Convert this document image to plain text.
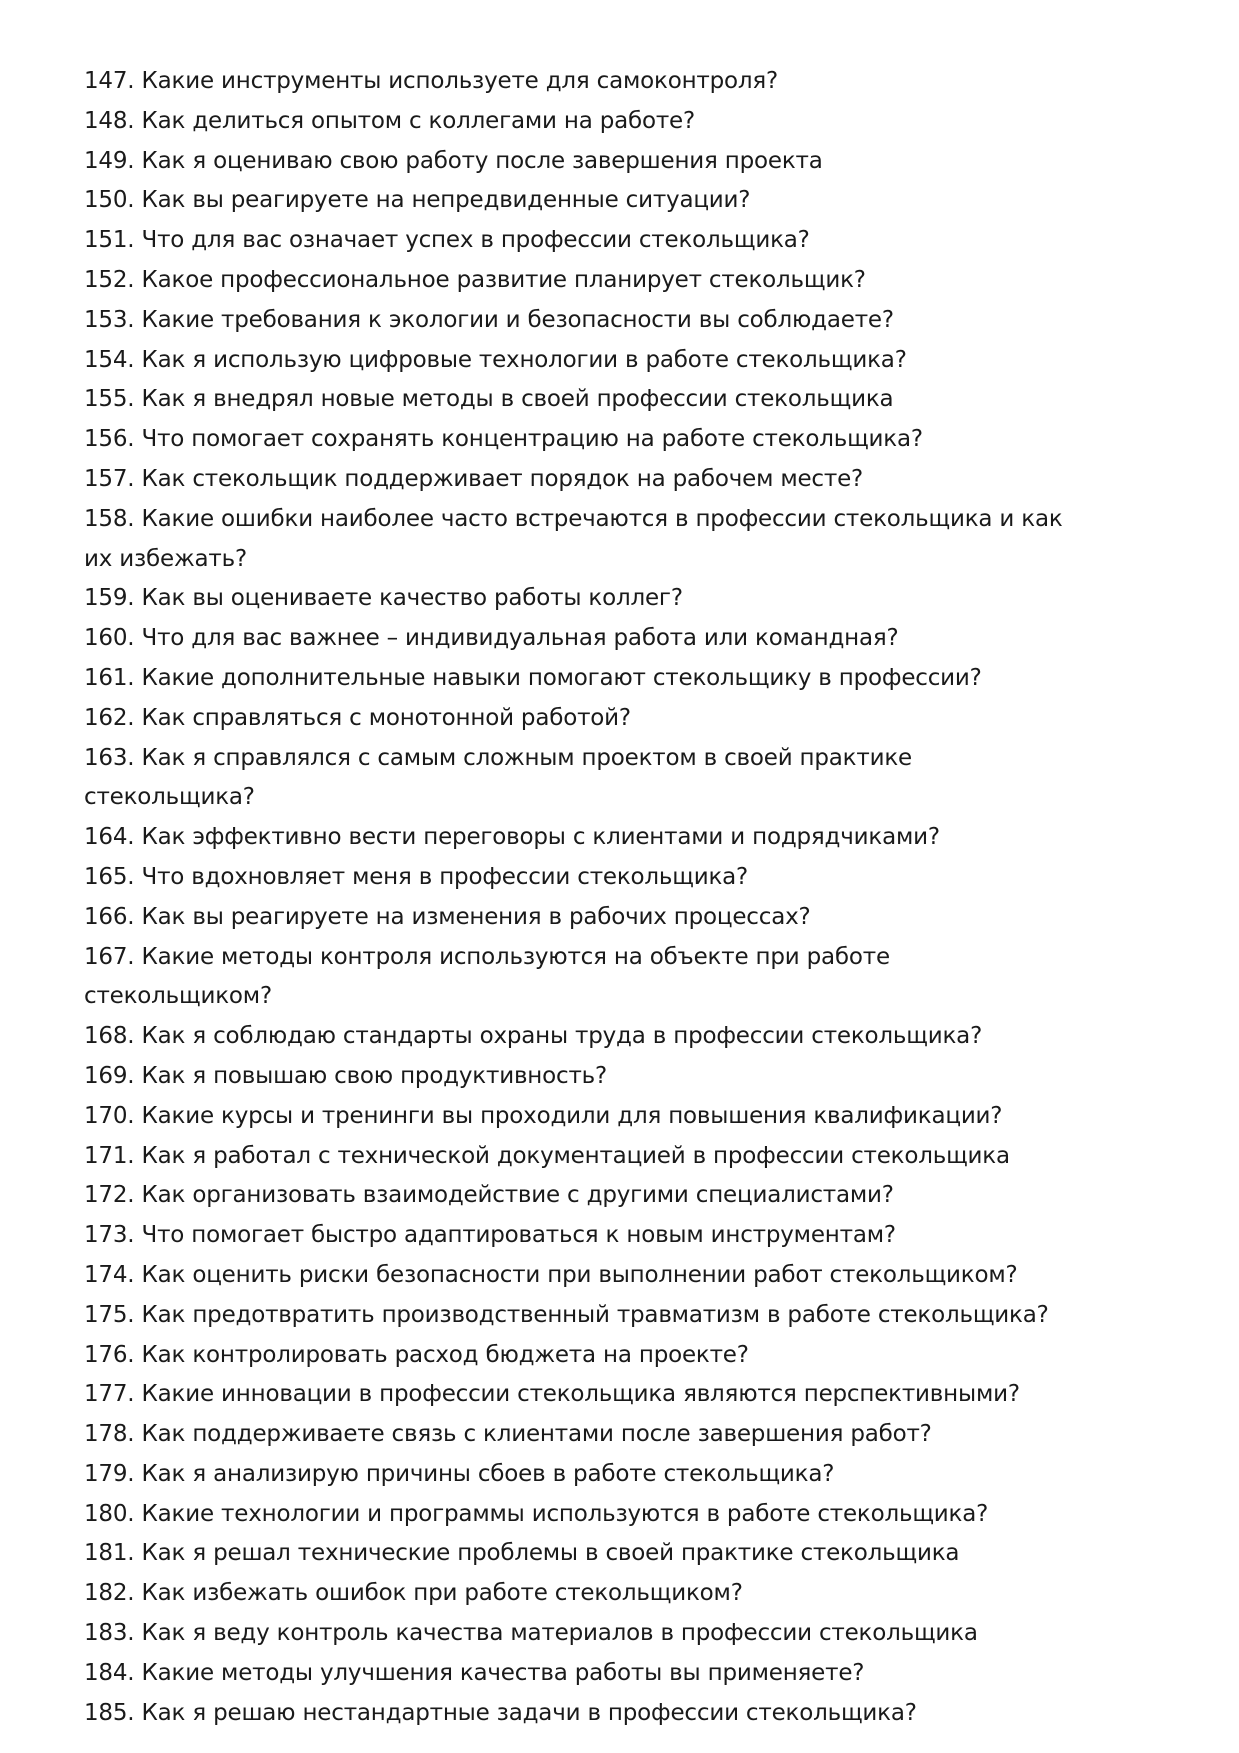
147. Какие инструменты используете для самоконтроля?
148. Как делиться опытом с коллегами на работе?
149. Как я оцениваю свою работу после завершения проекта
150. Как вы реагируете на непредвиденные ситуации?
151. Что для вас означает успех в профессии стекольщика?
152. Какое профессиональное развитие планирует стекольщик?
153. Какие требования к экологии и безопасности вы соблюдаете?
154. Как я использую цифровые технологии в работе стекольщика?
155. Как я внедрял новые методы в своей профессии стекольщика
156. Что помогает сохранять концентрацию на работе стекольщика?
157. Как стекольщик поддерживает порядок на рабочем месте?
158. Какие ошибки наиболее часто встречаются в профессии стекольщика и как их избежать?
159. Как вы оцениваете качество работы коллег?
160. Что для вас важнее – индивидуальная работа или командная?
161. Какие дополнительные навыки помогают стекольщику в профессии?
162. Как справляться с монотонной работой?
163. Как я справлялся с самым сложным проектом в своей практике стекольщика?
164. Как эффективно вести переговоры с клиентами и подрядчиками?
165. Что вдохновляет меня в профессии стекольщика?
166. Как вы реагируете на изменения в рабочих процессах?
167. Какие методы контроля используются на объекте при работе стекольщиком?
168. Как я соблюдаю стандарты охраны труда в профессии стекольщика?
169. Как я повышаю свою продуктивность?
170. Какие курсы и тренинги вы проходили для повышения квалификации?
171. Как я работал с технической документацией в профессии стекольщика
172. Как организовать взаимодействие с другими специалистами?
173. Что помогает быстро адаптироваться к новым инструментам?
174. Как оценить риски безопасности при выполнении работ стекольщиком?
175. Как предотвратить производственный травматизм в работе стекольщика?
176. Как контролировать расход бюджета на проекте?
177. Какие инновации в профессии стекольщика являются перспективными?
178. Как поддерживаете связь с клиентами после завершения работ?
179. Как я анализирую причины сбоев в работе стекольщика?
180. Какие технологии и программы используются в работе стекольщика?
181. Как я решал технические проблемы в своей практике стекольщика
182. Как избежать ошибок при работе стекольщиком?
183. Как я веду контроль качества материалов в профессии стекольщика
184. Какие методы улучшения качества работы вы применяете?
185. Как я решаю нестандартные задачи в профессии стекольщика?
